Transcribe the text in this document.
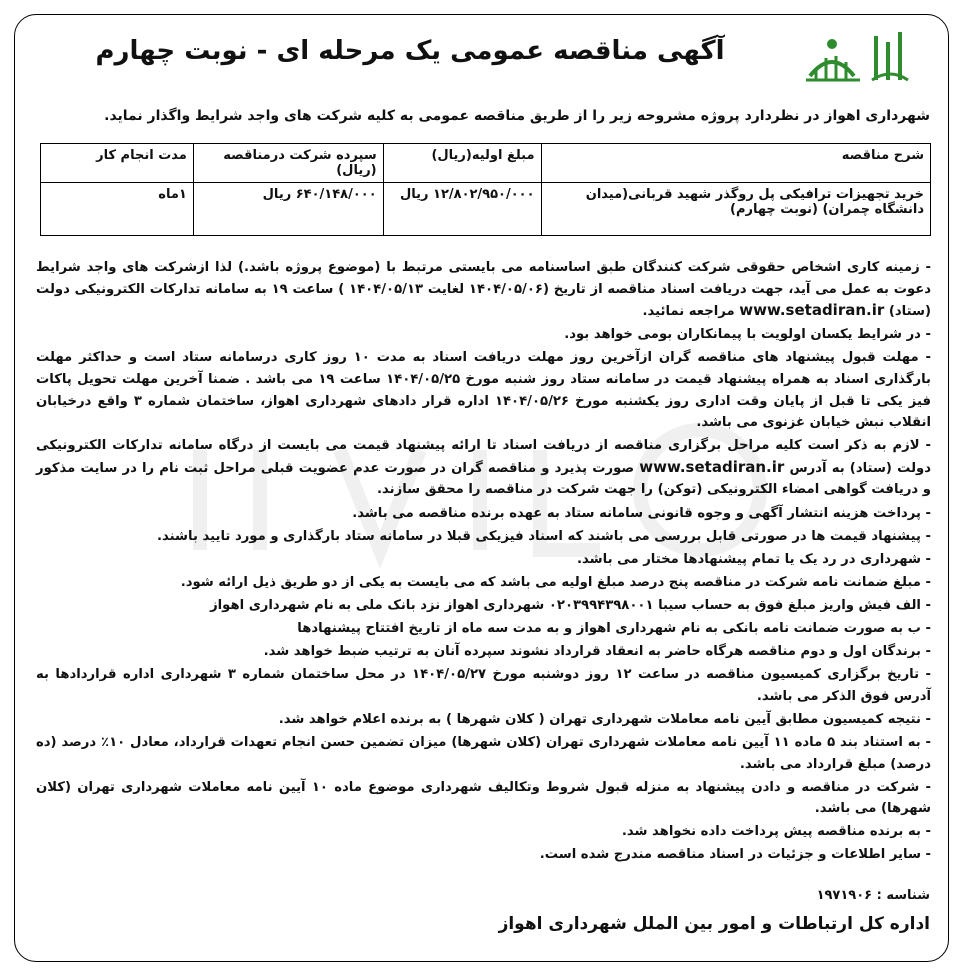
آگهی مناقصه عمومی یک مرحله ای - نوبت چهارم
شهرداری اهواز در نظردارد پروژه مشروحه زیر را از طریق مناقصه عمومی به کلیه شرکت های واجد شرایط واگذار نماید.
شرح مناقصه	مبلغ اولیه(ریال)	سپرده شرکت درمناقصه (ریال)	مدت انجام کار
خرید تجهیزات ترافیکی پل روگذر شهید قربانی(میدان دانشگاه چمران) (نوبت چهارم)	۱۲/۸۰۲/۹۵۰/۰۰۰ ریال	۶۴۰/۱۴۸/۰۰۰ ریال	۱ماه

- زمینه کاری اشخاص حقوقی شرکت کنندگان طبق اساسنامه می بایستی مرتبط با (موضوع پروژه باشد.) لذا ازشرکت های واجد شرایط دعوت به عمل می آید، جهت دریافت اسناد مناقصه از تاریخ (۱۴۰۴/۰۵/۰۶ لغایت ۱۴۰۴/۰۵/۱۳ ) ساعت ۱۹ به سامانه تدارکات الکترونیکی دولت (ستاد) www.setadiran.ir مراجعه نمائید.

- در شرایط یکسان اولویت با پیمانکاران بومی خواهد بود.

- مهلت قبول پیشنهاد های مناقصه گران ازآخرین روز مهلت دریافت اسناد به مدت ۱۰ روز کاری درسامانه ستاد است و حداکثر مهلت بارگذاری اسناد به همراه پیشنهاد قیمت در سامانه ستاد روز شنبه مورخ ۱۴۰۴/۰۵/۲۵ ساعت ۱۹ می باشد . ضمنا آخرین مهلت تحویل پاکات فیز یکی تا قبل از پایان وقت اداری روز یکشنبه مورخ ۱۴۰۴/۰۵/۲۶ اداره قرار دادهای شهرداری اهواز، ساختمان شماره ۳ واقع درخیابان انقلاب نبش خیابان غزنوی می باشد.

- لازم به ذکر است کلیه مراحل برگزاری مناقصه از دریافت اسناد تا ارائه پیشنهاد قیمت می بایست از درگاه سامانه تدارکات الکترونیکی دولت (ستاد) به آدرس www.setadiran.ir صورت پذیرد و مناقصه گران در صورت عدم عضویت قبلی مراحل ثبت نام را در سایت مذکور و دریافت گواهی امضاء الکترونیکی (توکن) را جهت شرکت در مناقصه را محقق سازند.

- پرداخت هزینه انتشار آگهی و وجوه قانونی سامانه ستاد به عهده برنده مناقصه می باشد.

- پیشنهاد قیمت ها در صورتی قابل بررسی می باشند که اسناد فیزیکی قبلا در سامانه ستاد بارگذاری و مورد تایید باشند.

- شهرداری در رد یک یا تمام پیشنهادها مختار می باشد.

- مبلغ ضمانت نامه شرکت در مناقصه پنج درصد مبلغ اولیه می باشد که می بایست به یکی از دو طریق ذیل ارائه شود.

- الف فیش واریز مبلغ فوق به حساب سیبا ۰۲۰۳۹۹۴۳۹۸۰۰۱ شهرداری اهواز نزد بانک ملی به نام شهرداری اهواز

- ب به صورت ضمانت نامه بانکی به نام شهرداری اهواز و به مدت سه ماه از تاریخ افتتاح پیشنهادها

- برندگان اول و دوم مناقصه هرگاه حاضر به انعقاد قرارداد نشوند سپرده آنان به ترتیب ضبط خواهد شد.

- تاریخ برگزاری کمیسیون مناقصه در ساعت ۱۲ روز دوشنبه مورخ ۱۴۰۴/۰۵/۲۷ در محل ساختمان شماره ۳ شهرداری اداره قراردادها به آدرس فوق الذکر می باشد.

- نتیجه کمیسیون مطابق آیین نامه معاملات شهرداری تهران ( کلان شهرها ) به برنده اعلام خواهد شد.

- به استناد بند ۵ ماده ۱۱ آیین نامه معاملات شهرداری تهران (کلان شهرها) میزان تضمین حسن انجام تعهدات قرارداد، معادل ۱۰٪ درصد (ده درصد) مبلغ قرارداد می باشد.

- شرکت در مناقصه و دادن پیشنهاد به منزله قبول شروط وتکالیف شهرداری موضوع ماده ۱۰ آیین نامه معاملات شهرداری تهران (کلان شهرها) می باشد.

- به برنده مناقصه پیش پرداخت داده نخواهد شد.

- سایر اطلاعات و جزئیات در اسناد مناقصه مندرج شده است.

شناسه : ۱۹۷۱۹۰۶
اداره کل ارتباطات و امور بین الملل شهرداری اهواز
